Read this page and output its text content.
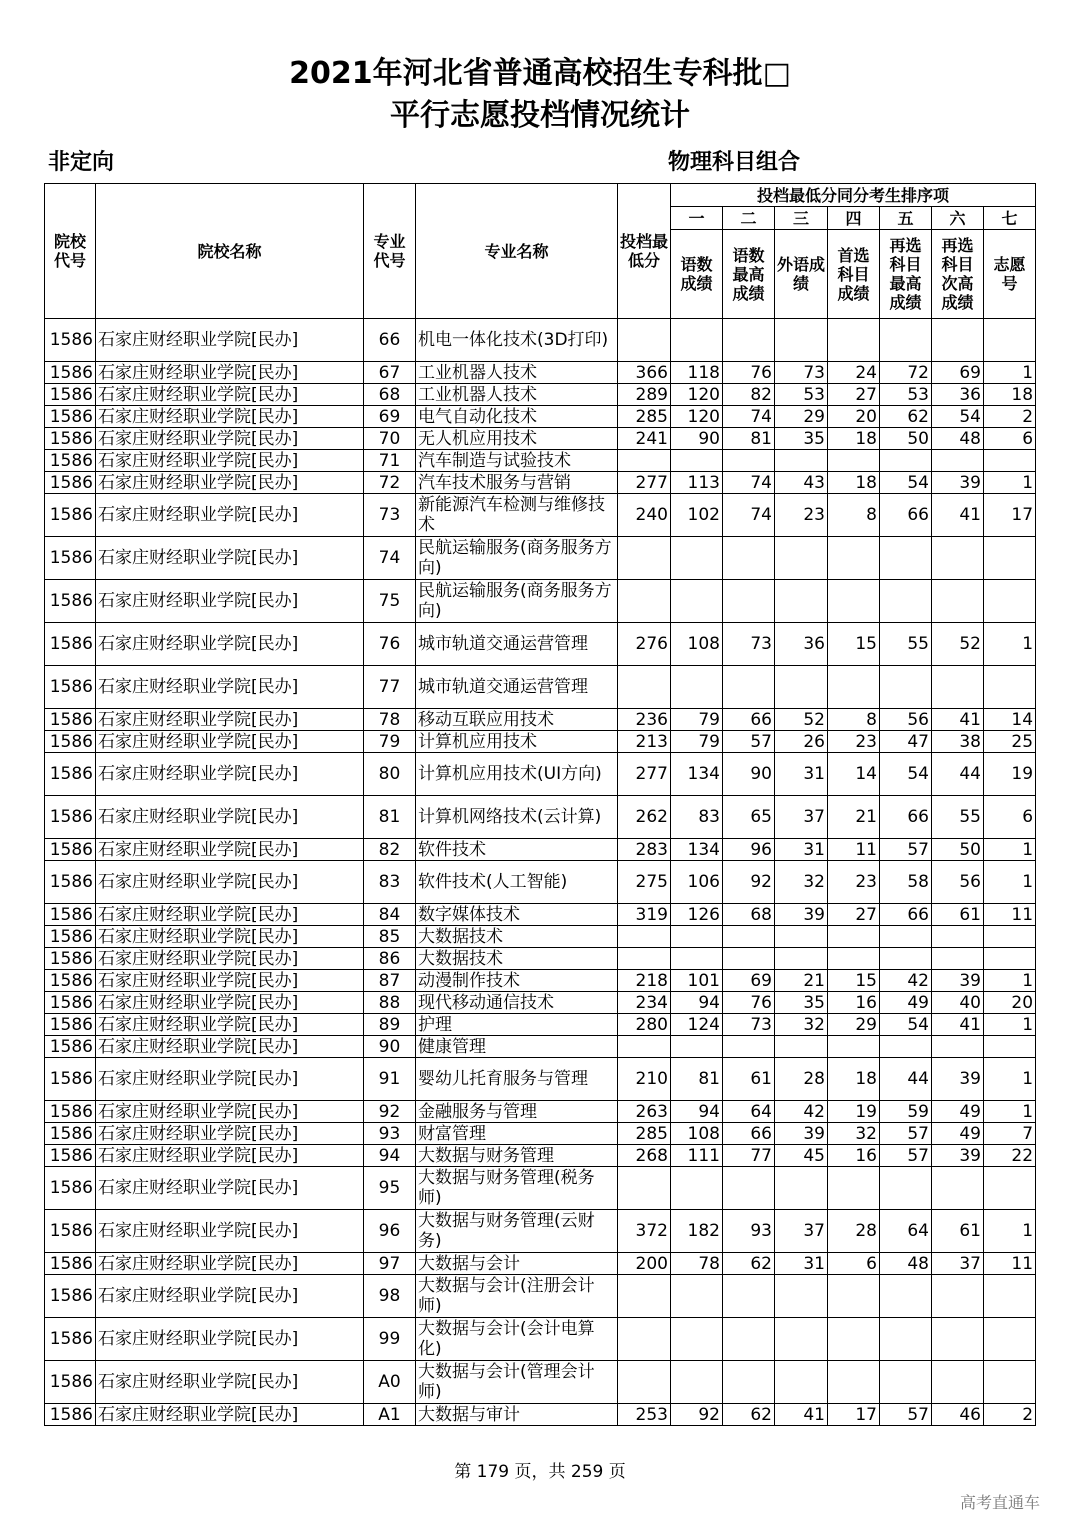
2021年河北省普通高校招生专科批□
平行志愿投档情况统计
非定向	物理科目组合
院校代号	院校名称	专业代号	专业名称	投档最低分	投档最低分同分考生排序项						
					一	二	三	四	五	六	七
					语数成绩	语数最高成绩	外语成绩	首选科目成绩	再选科目最高成绩	再选科目次高成绩	志愿号
1586	石家庄财经职业学院[民办]	66	机电一体化技术(3D打印)								
1586	石家庄财经职业学院[民办]	67	工业机器人技术	366	118	76	73	24	72	69	1
1586	石家庄财经职业学院[民办]	68	工业机器人技术	289	120	82	53	27	53	36	18
1586	石家庄财经职业学院[民办]	69	电气自动化技术	285	120	74	29	20	62	54	2
1586	石家庄财经职业学院[民办]	70	无人机应用技术	241	90	81	35	18	50	48	6
1586	石家庄财经职业学院[民办]	71	汽车制造与试验技术								
1586	石家庄财经职业学院[民办]	72	汽车技术服务与营销	277	113	74	43	18	54	39	1
1586	石家庄财经职业学院[民办]	73	新能源汽车检测与维修技术	240	102	74	23	8	66	41	17
1586	石家庄财经职业学院[民办]	74	民航运输服务(商务服务方向)								
1586	石家庄财经职业学院[民办]	75	民航运输服务(商务服务方向)								
1586	石家庄财经职业学院[民办]	76	城市轨道交通运营管理	276	108	73	36	15	55	52	1
1586	石家庄财经职业学院[民办]	77	城市轨道交通运营管理								
1586	石家庄财经职业学院[民办]	78	移动互联应用技术	236	79	66	52	8	56	41	14
1586	石家庄财经职业学院[民办]	79	计算机应用技术	213	79	57	26	23	47	38	25
1586	石家庄财经职业学院[民办]	80	计算机应用技术(UI方向)	277	134	90	31	14	54	44	19
1586	石家庄财经职业学院[民办]	81	计算机网络技术(云计算)	262	83	65	37	21	66	55	6
1586	石家庄财经职业学院[民办]	82	软件技术	283	134	96	31	11	57	50	1
1586	石家庄财经职业学院[民办]	83	软件技术(人工智能)	275	106	92	32	23	58	56	1
1586	石家庄财经职业学院[民办]	84	数字媒体技术	319	126	68	39	27	66	61	11
1586	石家庄财经职业学院[民办]	85	大数据技术								
1586	石家庄财经职业学院[民办]	86	大数据技术								
1586	石家庄财经职业学院[民办]	87	动漫制作技术	218	101	69	21	15	42	39	1
1586	石家庄财经职业学院[民办]	88	现代移动通信技术	234	94	76	35	16	49	40	20
1586	石家庄财经职业学院[民办]	89	护理	280	124	73	32	29	54	41	1
1586	石家庄财经职业学院[民办]	90	健康管理								
1586	石家庄财经职业学院[民办]	91	婴幼儿托育服务与管理	210	81	61	28	18	44	39	1
1586	石家庄财经职业学院[民办]	92	金融服务与管理	263	94	64	42	19	59	49	1
1586	石家庄财经职业学院[民办]	93	财富管理	285	108	66	39	32	57	49	7
1586	石家庄财经职业学院[民办]	94	大数据与财务管理	268	111	77	45	16	57	39	22
1586	石家庄财经职业学院[民办]	95	大数据与财务管理(税务师)								
1586	石家庄财经职业学院[民办]	96	大数据与财务管理(云财务)	372	182	93	37	28	64	61	1
1586	石家庄财经职业学院[民办]	97	大数据与会计	200	78	62	31	6	48	37	11
1586	石家庄财经职业学院[民办]	98	大数据与会计(注册会计师)								
1586	石家庄财经职业学院[民办]	99	大数据与会计(会计电算化)								
1586	石家庄财经职业学院[民办]	A0	大数据与会计(管理会计师)								
1586	石家庄财经职业学院[民办]	A1	大数据与审计	253	92	62	41	17	57	46	2
第 179 页，共 259 页
高考直通车
